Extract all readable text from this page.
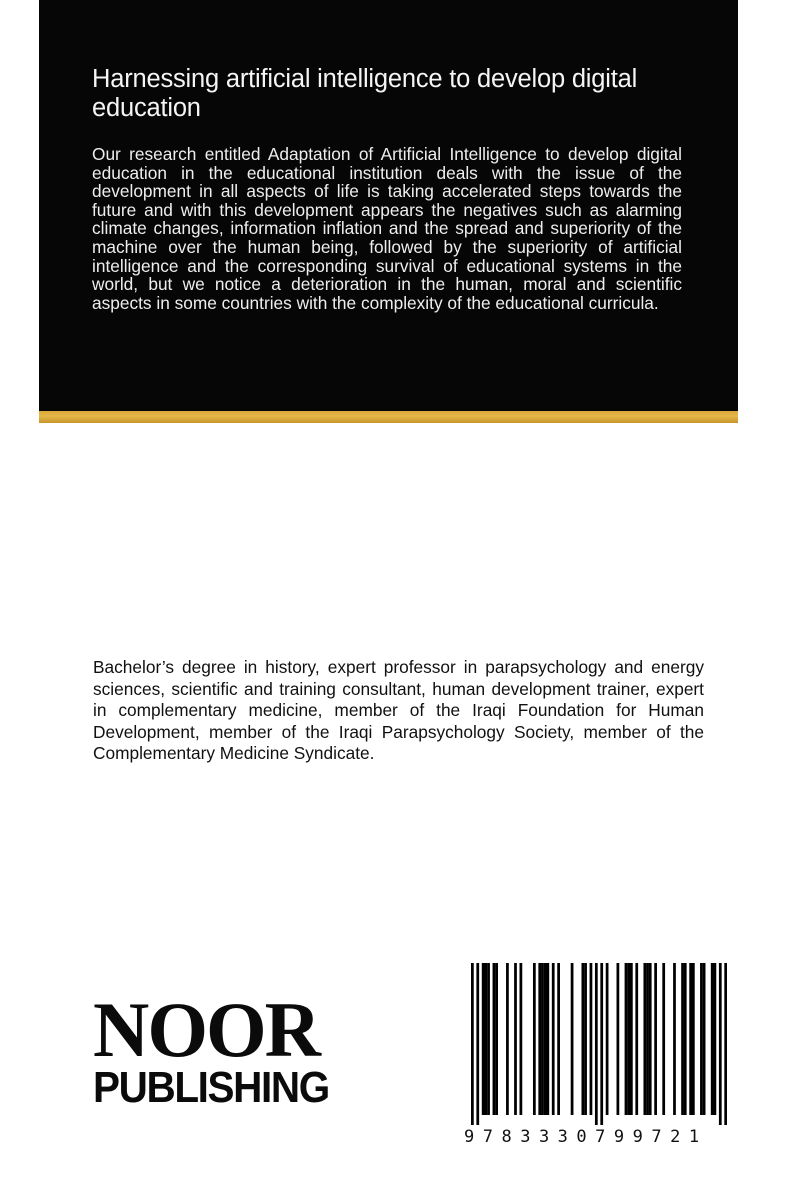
Harnessing artificial intelligence to develop digital education

Our research entitled Adaptation of Artificial Intelligence to develop digital education in the educational institution deals with the issue of the development in all aspects of life is taking accelerated steps towards the future and with this development appears the negatives such as alarming climate changes, information inflation and the spread and superiority of the machine over the human being, followed by the superiority of artificial intelligence and the corresponding survival of educational systems in the world, but we notice a deterioration in the human, moral and scientific aspects in some countries with the complexity of the educational curricula.

Bachelor’s degree in history, expert professor in parapsychology and energy sciences, scientific and training consultant, human development trainer, expert in complementary medicine, member of the Iraqi Foundation for Human Development, member of the Iraqi Parapsychology Society, member of the Complementary Medicine Syndicate.

NOOR
PUBLISHING
9783330799721
